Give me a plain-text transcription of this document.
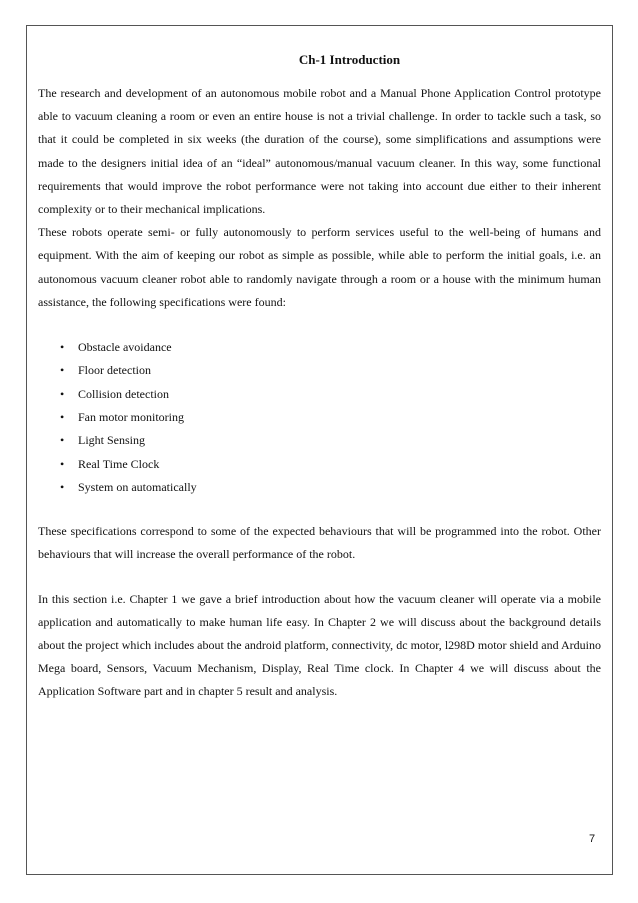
Ch-1 Introduction

The research and development of an autonomous mobile robot and a Manual Phone Application Control prototype able to vacuum cleaning a room or even an entire house is not a trivial challenge. In order to tackle such a task, so that it could be completed in six weeks (the duration of the course), some simplifications and assumptions were made to the designers initial idea of an “ideal” autonomous/manual vacuum cleaner. In this way, some functional requirements that would improve the robot performance were not taking into account due either to their inherent complexity or to their mechanical implications.

These robots operate semi- or fully autonomously to perform services useful to the well-being of humans and equipment. With the aim of keeping our robot as simple as possible, while able to perform the initial goals, i.e. an autonomous vacuum cleaner robot able to randomly navigate through a room or a house with the minimum human assistance, the following specifications were found:

• Obstacle avoidance
• Floor detection
• Collision detection
• Fan motor monitoring
• Light Sensing
• Real Time Clock
• System on automatically

These specifications correspond to some of the expected behaviours that will be programmed into the robot. Other behaviours that will increase the overall performance of the robot.

In this section i.e. Chapter 1 we gave a brief introduction about how the vacuum cleaner will operate via a mobile application and automatically to make human life easy. In Chapter 2 we will discuss about the background details about the project which includes about the android platform, connectivity, dc motor, l298D motor shield and Arduino Mega board, Sensors, Vacuum Mechanism, Display, Real Time clock. In Chapter 4 we will discuss about the Application Software part and in chapter 5 result and analysis.

7
